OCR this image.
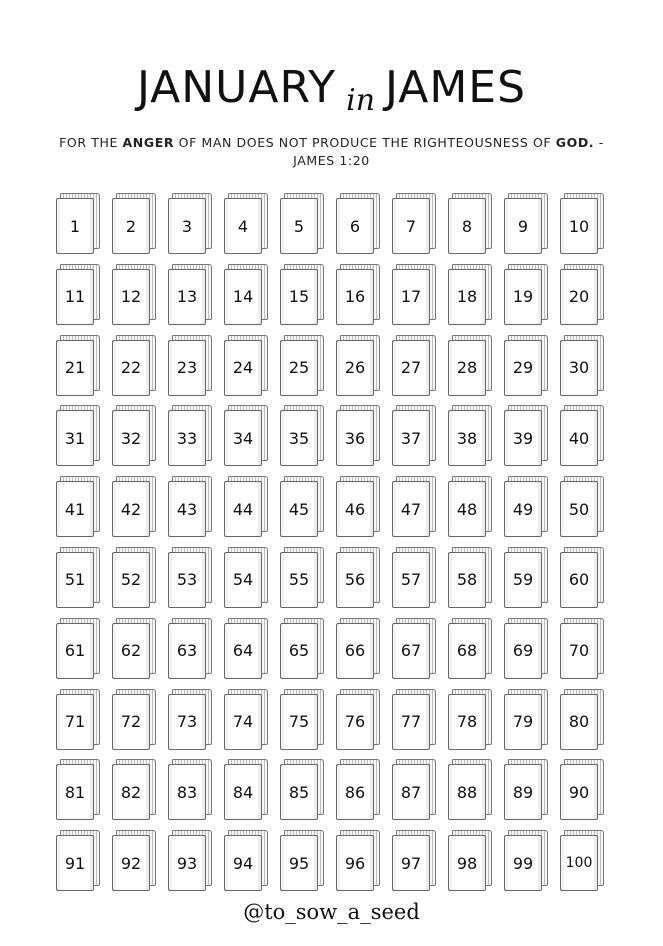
JANUARY in JAMES
FOR THE ANGER OF MAN DOES NOT PRODUCE THE RIGHTEOUSNESS OF GOD. -JAMES 1:20
1	2	3	4	5	6	7	8	9	10
11	12	13	14	15	16	17	18	19	20
21	22	23	24	25	26	27	28	29	30
31	32	33	34	35	36	37	38	39	40
41	42	43	44	45	46	47	48	49	50
51	52	53	54	55	56	57	58	59	60
61	62	63	64	65	66	67	68	69	70
71	72	73	74	75	76	77	78	79	80
81	82	83	84	85	86	87	88	89	90
91	92	93	94	95	96	97	98	99	100
@to_sow_a_seed
